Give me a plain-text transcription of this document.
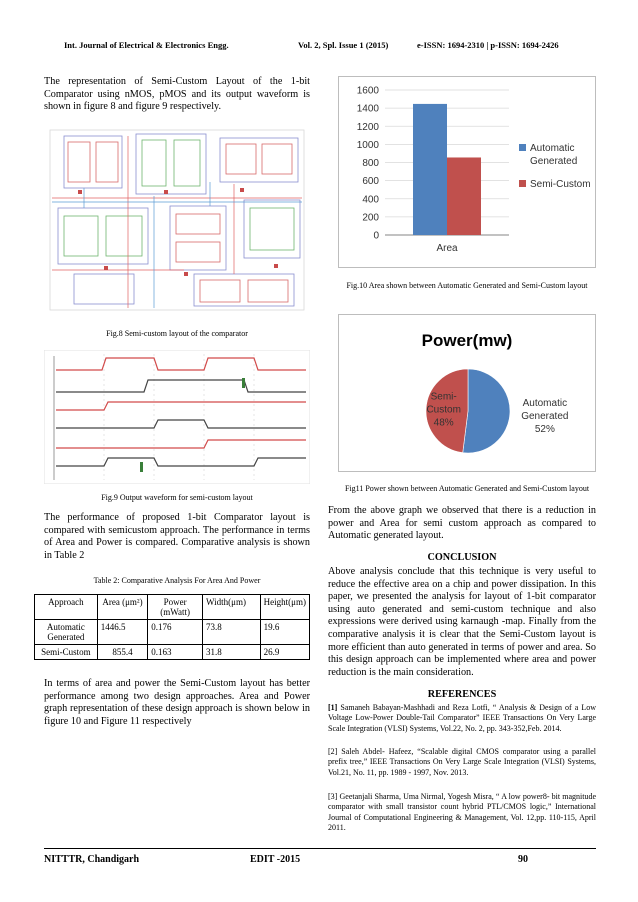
Int. Journal of Electrical & Electronics Engg.	Vol. 2, Spl. Issue 1 (2015)	e-ISSN: 1694-2310 | p-ISSN: 1694-2426
The representation of Semi-Custom Layout of the 1-bit Comparator using nMOS, pMOS and its output waveform is shown in figure 8 and figure 9 respectively.
Fig.8 Semi-custom layout of the comparator
Fig.9 Output waveform for semi-custom layout
The performance of proposed 1-bit Comparator layout is compared with semicustom approach. The performance in terms of Area and Power is compared. Comparative analysis is shown in Table 2
Table 2: Comparative Analysis For Area And Power
Approach	Area (μm²)	Power (mWatt)	Width(μm)	Height(μm)
Automatic Generated	1446.5	0.176	73.8	19.6
Semi-Custom	855.4	0.163	31.8	26.9
In terms of area and power the Semi-Custom layout has better performance among two design approaches. Area and Power graph representation of these design approach is shown below in figure 10 and Figure 11 respectively
0
200
400
600
800
1000
1200
1400
1600
Area
Automatic
Generated
Semi-Custom
Fig.10 Area shown between Automatic Generated and Semi-Custom layout
Power(mw)
Automatic
Generated
52%
Semi-
Custom
48%
Fig11 Power shown between Automatic Generated and Semi-Custom layout
From the above graph we observed that there is a reduction in power and Area for semi custom approach as compared to Automatic generated layout.
CONCLUSION
Above analysis conclude that this technique is very useful to reduce the effective area on a chip and power dissipation. In this paper, we presented the analysis for layout of 1-bit comparator using auto generated and semi-custom technique and also expressions were derived using karnaugh -map. Finally from the comparative analysis it is clear that the Semi-Custom layout is more efficient than auto generated in terms of power and area. So this design approach can be implemented where area and power reduction is the main consideration.
REFERENCES
[1] Samaneh Babayan-Mashhadi and Reza Lotfi, “ Analysis & Design of a Low Voltage Low-Power Double-Tail Comparator” IEEE Transactions On Very Large Scale Integration (VLSI) Systems, Vol.22, No. 2, pp. 343-352,Feb. 2014.
[2] Saleh Abdel- Hafeez, “Scalable digital CMOS comparator using a parallel prefix tree,” IEEE Transactions On Very Large Scale Integration (VLSI) Systems, Vol.21, No. 11, pp. 1989 - 1997, Nov. 2013.
[3] Geetanjali Sharma, Uma Nirmal, Yogesh Misra, “ A low power8- bit magnitude comparator with small transistor count hybrid PTL/CMOS logic,” International Journal of Computational Engineering & Management, Vol. 12,pp. 110-115, April 2011.
NITTTR, Chandigarh	EDIT -2015	90
